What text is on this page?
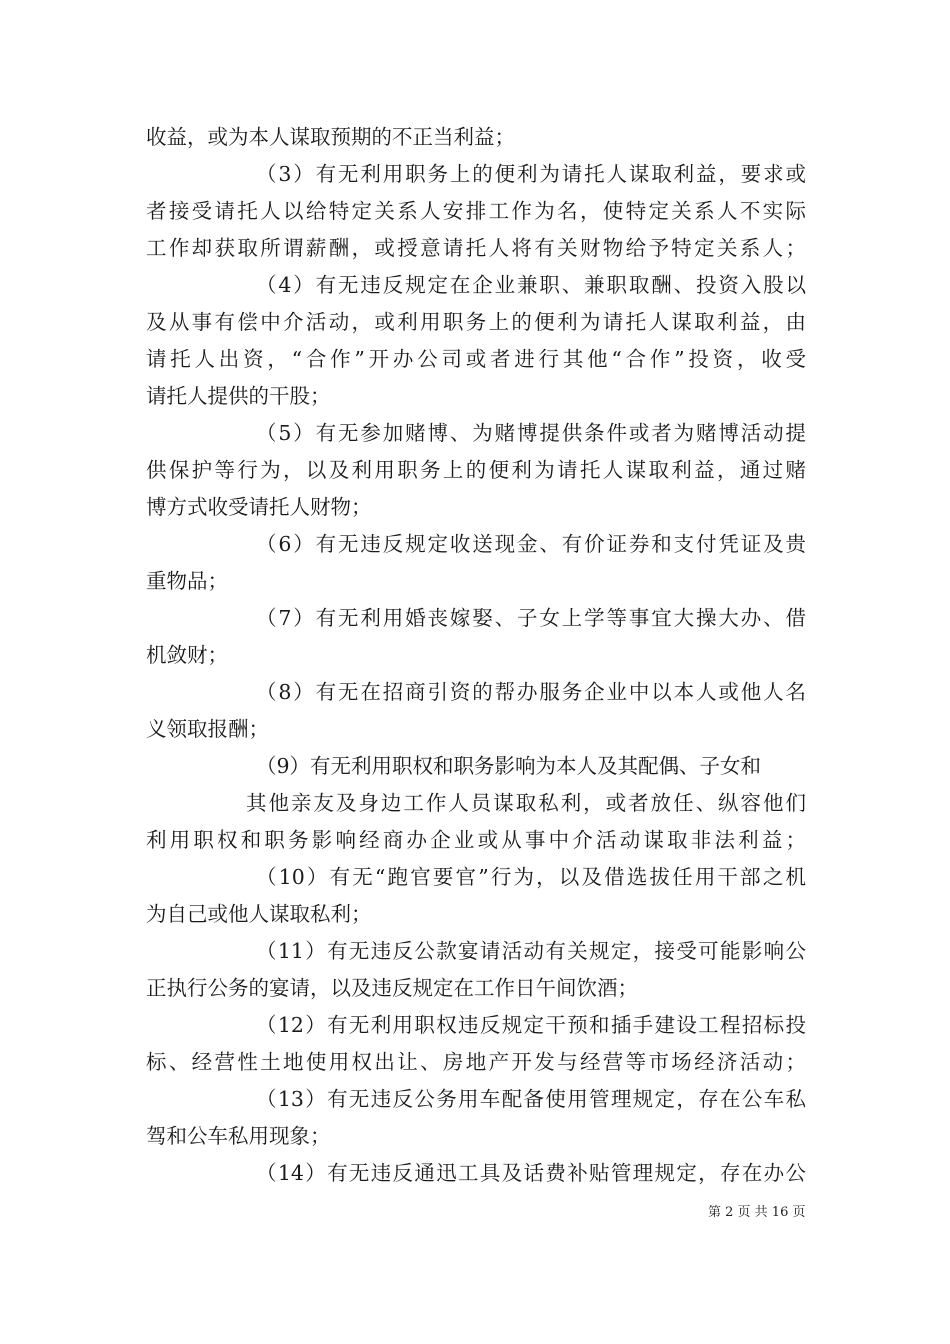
收益，或为本人谋取预期的不正当利益；
（3）有无利用职务上的便利为请托人谋取利益，要求或
者接受请托人以给特定关系人安排工作为名，使特定关系人不实际
工作却获取所谓薪酬，或授意请托人将有关财物给予特定关系人；
（4）有无违反规定在企业兼职、兼职取酬、投资入股以
及从事有偿中介活动，或利用职务上的便利为请托人谋取利益，由
请托人出资，“合作”开办公司或者进行其他“合作”投资，收受
请托人提供的干股；
（5）有无参加赌博、为赌博提供条件或者为赌博活动提
供保护等行为，以及利用职务上的便利为请托人谋取利益，通过赌
博方式收受请托人财物；
（6）有无违反规定收送现金、有价证券和支付凭证及贵
重物品；
（7）有无利用婚丧嫁娶、子女上学等事宜大操大办、借
机敛财；
（8）有无在招商引资的帮办服务企业中以本人或他人名
义领取报酬；
（9）有无利用职权和职务影响为本人及其配偶、子女和
其他亲友及身边工作人员谋取私利，或者放任、纵容他们
利用职权和职务影响经商办企业或从事中介活动谋取非法利益；
（10）有无“跑官要官”行为，以及借选拔任用干部之机
为自己或他人谋取私利；
（11）有无违反公款宴请活动有关规定，接受可能影响公
正执行公务的宴请，以及违反规定在工作日午间饮酒；
（12）有无利用职权违反规定干预和插手建设工程招标投
标、经营性土地使用权出让、房地产开发与经营等市场经济活动；
（13）有无违反公务用车配备使用管理规定，存在公车私
驾和公车私用现象；
（14）有无违反通迅工具及话费补贴管理规定，存在办公
第 2 页 共 16 页
